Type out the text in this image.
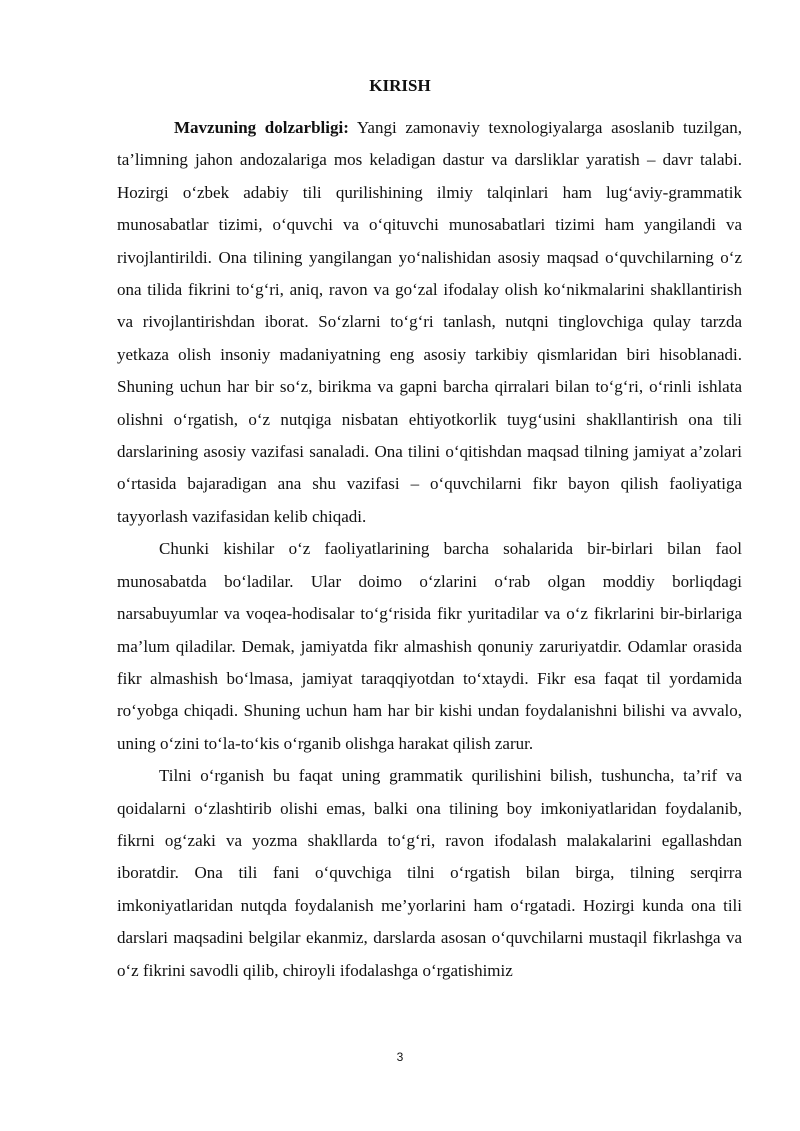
KIRISH

Mavzuning dolzarbligi: Yangi zamonaviy texnologiyalarga asoslanib tuzilgan, ta’limning jahon andozalariga mos keladigan dastur va darsliklar yaratish – davr talabi. Hozirgi o‘zbek adabiy tili qurilishining ilmiy talqinlari ham lug‘aviy-grammatik munosabatlar tizimi, o‘quvchi va o‘qituvchi munosabatlari tizimi ham yangilandi va rivojlantirildi. Ona tilining yangilangan yo‘nalishidan asosiy maqsad o‘quvchilarning o‘z ona tilida fikrini to‘g‘ri, aniq, ravon va go‘zal ifodalay olish ko‘nikmalarini shakllantirish va rivojlantirishdan iborat. So‘zlarni to‘g‘ri tanlash, nutqni tinglovchiga qulay tarzda yetkaza olish insoniy madaniyatning eng asosiy tarkibiy qismlaridan biri hisoblanadi. Shuning uchun har bir so‘z, birikma va gapni barcha qirralari bilan to‘g‘ri, o‘rinli ishlata olishni o‘rgatish, o‘z nutqiga nisbatan ehtiyotkorlik tuyg‘usini shakllantirish ona tili darslarining asosiy vazifasi sanaladi. Ona tilini o‘qitishdan maqsad tilning jamiyat a’zolari o‘rtasida bajaradigan ana shu vazifasi – o‘quvchilarni fikr bayon qilish faoliyatiga tayyorlash vazifasidan kelib chiqadi.

Chunki kishilar o‘z faoliyatlarining barcha sohalarida bir-birlari bilan faol munosabatda bo‘ladilar. Ular doimo o‘zlarini o‘rab olgan moddiy borliqdagi narsabuyumlar va voqea-hodisalar to‘g‘risida fikr yuritadilar va o‘z fikrlarini bir-birlariga ma’lum qiladilar. Demak, jamiyatda fikr almashish qonuniy zaruriyatdir. Odamlar orasida fikr almashish bo‘lmasa, jamiyat taraqqiyotdan to‘xtaydi. Fikr esa faqat til yordamida ro‘yobga chiqadi. Shuning uchun ham har bir kishi undan foydalanishni bilishi va avvalo, uning o‘zini to‘la-to‘kis o‘rganib olishga harakat qilish zarur.

Tilni o‘rganish bu faqat uning grammatik qurilishini bilish, tushuncha, ta’rif va qoidalarni o‘zlashtirib olishi emas, balki ona tilining boy imkoniyatlaridan foydalanib, fikrni og‘zaki va yozma shakllarda to‘g‘ri, ravon ifodalash malakalarini egallashdan iboratdir. Ona tili fani o‘quvchiga tilni o‘rgatish bilan birga, tilning serqirra imkoniyatlaridan nutqda foydalanish me’yorlarini ham o‘rgatadi. Hozirgi kunda ona tili darslari maqsadini belgilar ekanmiz, darslarda asosan o‘quvchilarni mustaqil fikrlashga va o‘z fikrini savodli qilib, chiroyli ifodalashga o‘rgatishimiz

3
